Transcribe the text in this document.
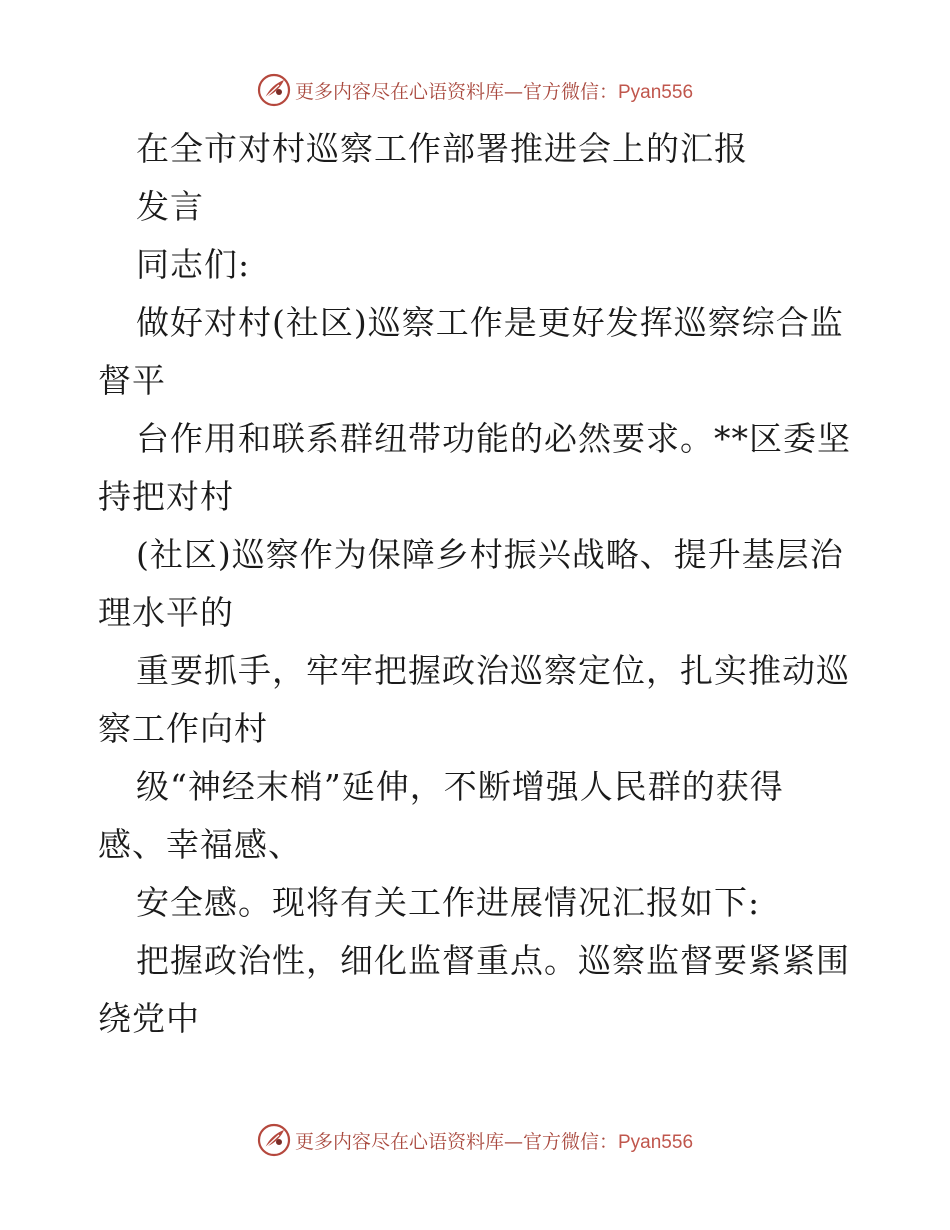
更多内容尽在心语资料库—官方微信：Pyan556
在全市对村巡察工作部署推进会上的汇报
发言
同志们:
做好对村(社区)巡察工作是更好发挥巡察综合监
督平
台作用和联系群纽带功能的必然要求。**区委坚
持把对村
(社区)巡察作为保障乡村振兴战略、提升基层治
理水平的
重要抓手，牢牢把握政治巡察定位，扎实推动巡
察工作向村
级“神经末梢”延伸，不断增强人民群的获得
感、幸福感、
安全感。现将有关工作进展情况汇报如下:
把握政治性，细化监督重点。巡察监督要紧紧围
绕党中
更多内容尽在心语资料库—官方微信：Pyan556
